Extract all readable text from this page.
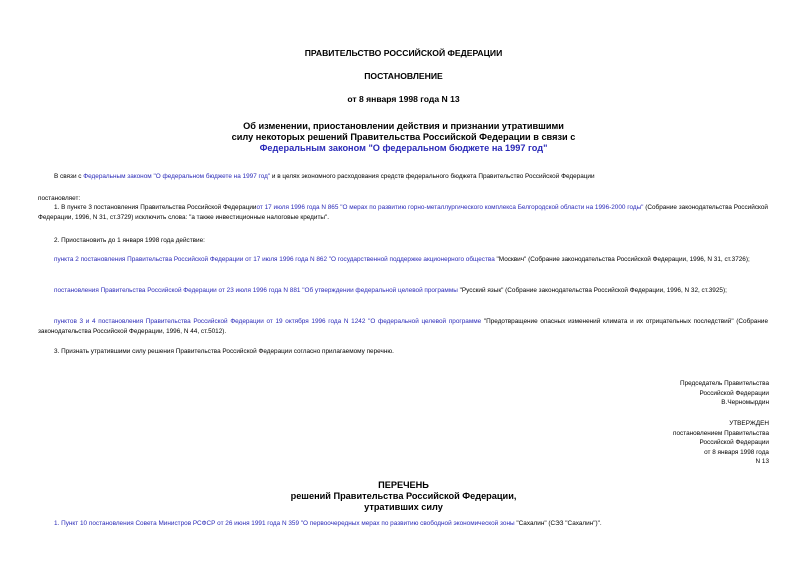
ПРАВИТЕЛЬСТВО РОССИЙСКОЙ ФЕДЕРАЦИИ
ПОСТАНОВЛЕНИЕ
от 8 января 1998 года N 13
Об изменении, приостановлении действия и признании утратившими
силу некоторых решений Правительства Российской Федерации в связи с
Федеральным законом "О федеральном бюджете на 1997 год"
В связи с Федеральным законом "О федеральном бюджете на 1997 год" и в целях экономного расходования средств федерального бюджета Правительство Российской Федерации
постановляет:
1. В пункте 3 постановления Правительства Российской Федерацииот 17 июля 1996 года N 865 "О мерах по развитию горно-металлургического комплекса Белгородской области на 1996-2000 годы" (Собрание законодательства Российской Федерации, 1996, N 31, ст.3729) исключить слова: "а также инвестиционные налоговые кредиты".
2. Приостановить до 1 января 1998 года действие:
пункта 2 постановления Правительства Российской Федерации от 17 июля 1996 года N 862 "О государственной поддержке акционерного общества "Москвич" (Собрание законодательства Российской Федерации, 1996, N 31, ст.3726);
постановления Правительства Российской Федерации от 23 июля 1996 года N 881 "Об утверждении федеральной целевой программы "Русский язык" (Собрание законодательства Российской Федерации, 1996, N 32, ст.3925);
пунктов 3 и 4 постановления Правительства Российской Федерации от 19 октября 1996 года N 1242 "О федеральной целевой программе "Предотвращение опасных изменений климата и их отрицательных последствий" (Собрание законодательства Российской Федерации, 1996, N 44, ст.5012).
3. Признать утратившими силу решения Правительства Российской Федерации согласно прилагаемому перечню.
Председатель Правительства
Российской Федерации
В.Черномырдин
УТВЕРЖДЕН
постановлением Правительства
Российской Федерации
от 8 января 1998 года
N 13
ПЕРЕЧЕНЬ
решений Правительства Российской Федерации,
утративших силу
1. Пункт 10 постановления Совета Министров РСФСР от 26 июня 1991 года N 359 "О первоочередных мерах по развитию свободной экономической зоны "Сахалин" (СЭЗ "Сахалин")".
